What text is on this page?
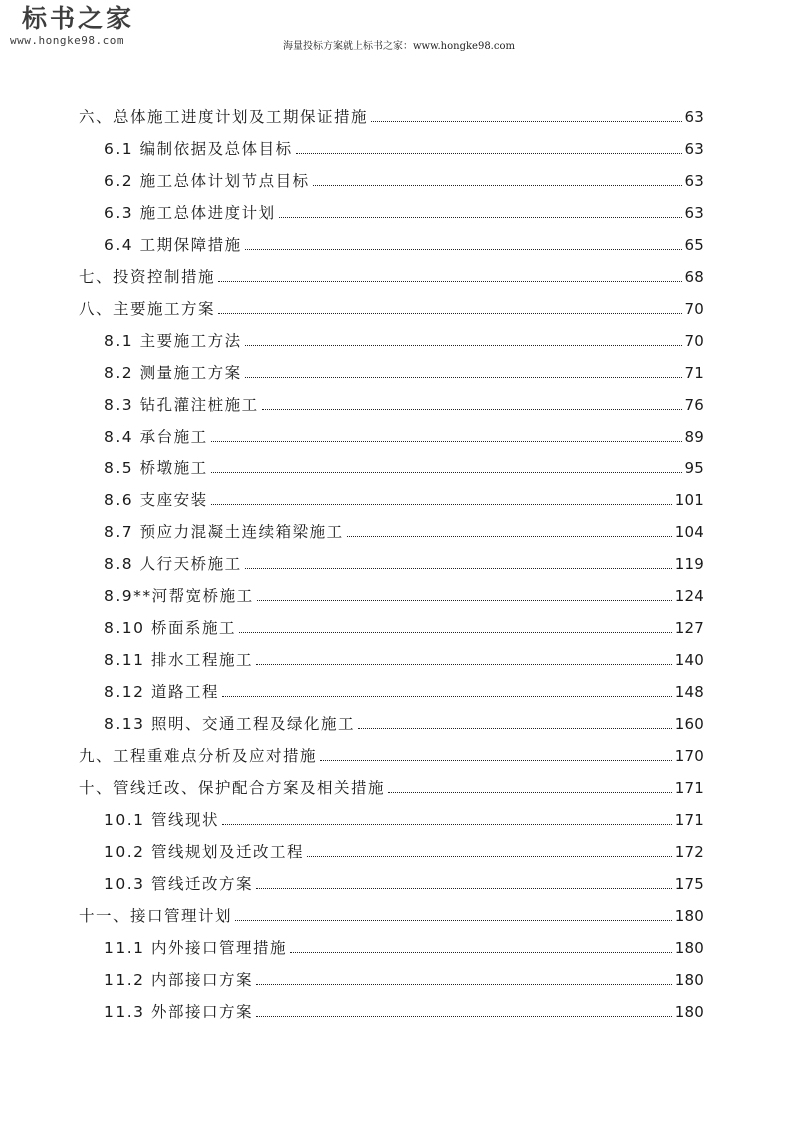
标书之家
www.hongke98.com	海量投标方案就上标书之家：www.hongke98.com
六、总体施工进度计划及工期保证措施	63
6.1 编制依据及总体目标	63
6.2 施工总体计划节点目标	63
6.3 施工总体进度计划	63
6.4 工期保障措施	65
七、投资控制措施	68
八、主要施工方案	70
8.1 主要施工方法	70
8.2 测量施工方案	71
8.3 钻孔灌注桩施工	76
8.4 承台施工	89
8.5 桥墩施工	95
8.6 支座安装	101
8.7 预应力混凝土连续箱梁施工	104
8.8 人行天桥施工	119
8.9**河帮宽桥施工	124
8.10 桥面系施工	127
8.11 排水工程施工	140
8.12 道路工程	148
8.13 照明、交通工程及绿化施工	160
九、工程重难点分析及应对措施	170
十、管线迁改、保护配合方案及相关措施	171
10.1 管线现状	171
10.2 管线规划及迁改工程	172
10.3 管线迁改方案	175
十一、接口管理计划	180
11.1 内外接口管理措施	180
11.2 内部接口方案	180
11.3 外部接口方案	180
